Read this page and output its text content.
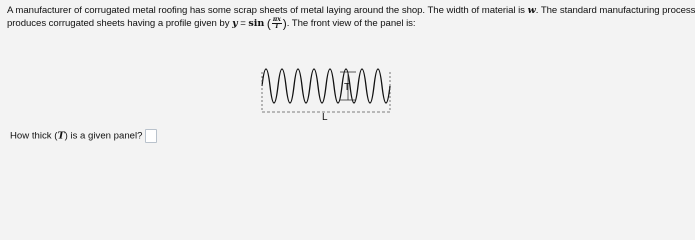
A manufacturer of corrugated metal roofing has some scrap sheets of metal laying around the shop. The width of material is w. The standard manufacturing process
produces corrugated sheets having a profile given by y = sin ( $\frac{\pi x}{T}$ ). The front view of the panel is:
T
L
How thick (T) is a given panel?
